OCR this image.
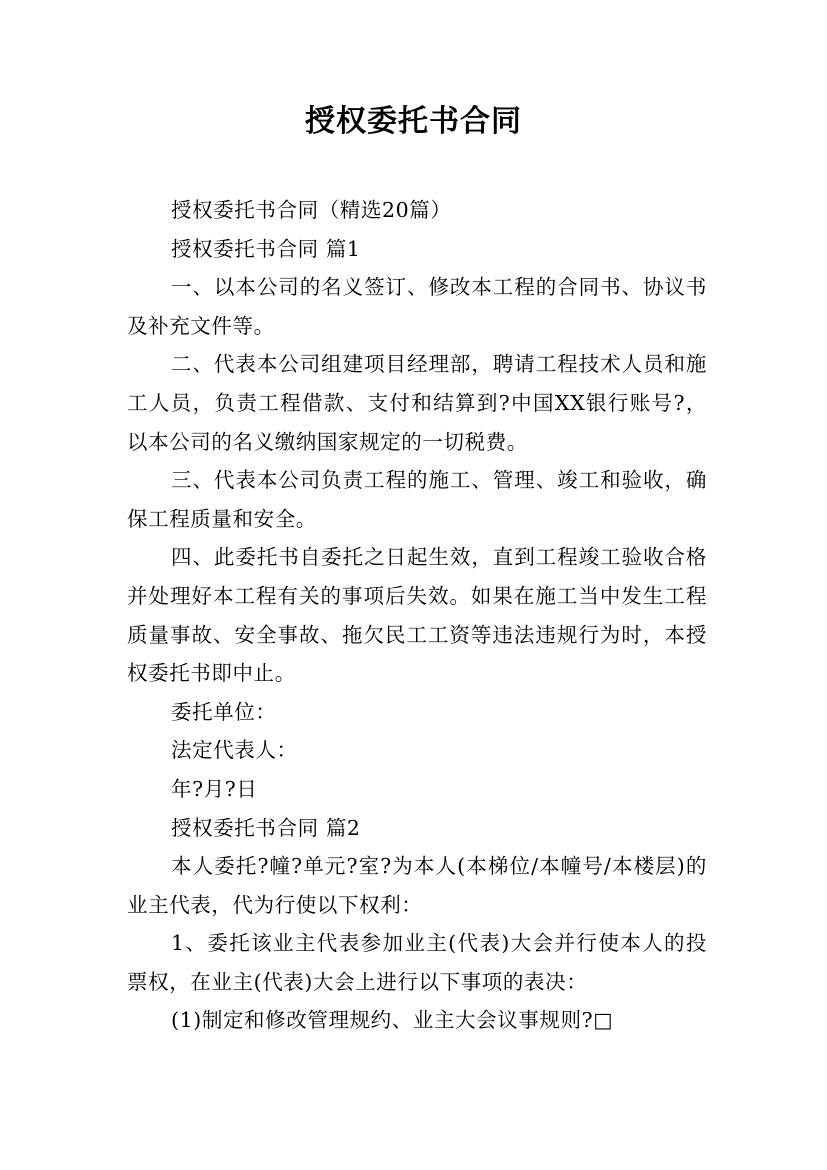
授权委托书合同

授权委托书合同（精选20篇）

授权委托书合同 篇1

一、以本公司的名义签订、修改本工程的合同书、协议书及补充文件等。

二、代表本公司组建项目经理部，聘请工程技术人员和施工人员，负责工程借款、支付和结算到?中国XX银行账号?，以本公司的名义缴纳国家规定的一切税费。

三、代表本公司负责工程的施工、管理、竣工和验收，确保工程质量和安全。

四、此委托书自委托之日起生效，直到工程竣工验收合格并处理好本工程有关的事项后失效。如果在施工当中发生工程质量事故、安全事故、拖欠民工工资等违法违规行为时，本授权委托书即中止。

委托单位：

法定代表人：

年?月?日

授权委托书合同 篇2

本人委托?幢?单元?室?为本人(本梯位/本幢号/本楼层)的业主代表，代为行使以下权利：

1、委托该业主代表参加业主(代表)大会并行使本人的投票权，在业主(代表)大会上进行以下事项的表决：

(1)制定和修改管理规约、业主大会议事规则?□
